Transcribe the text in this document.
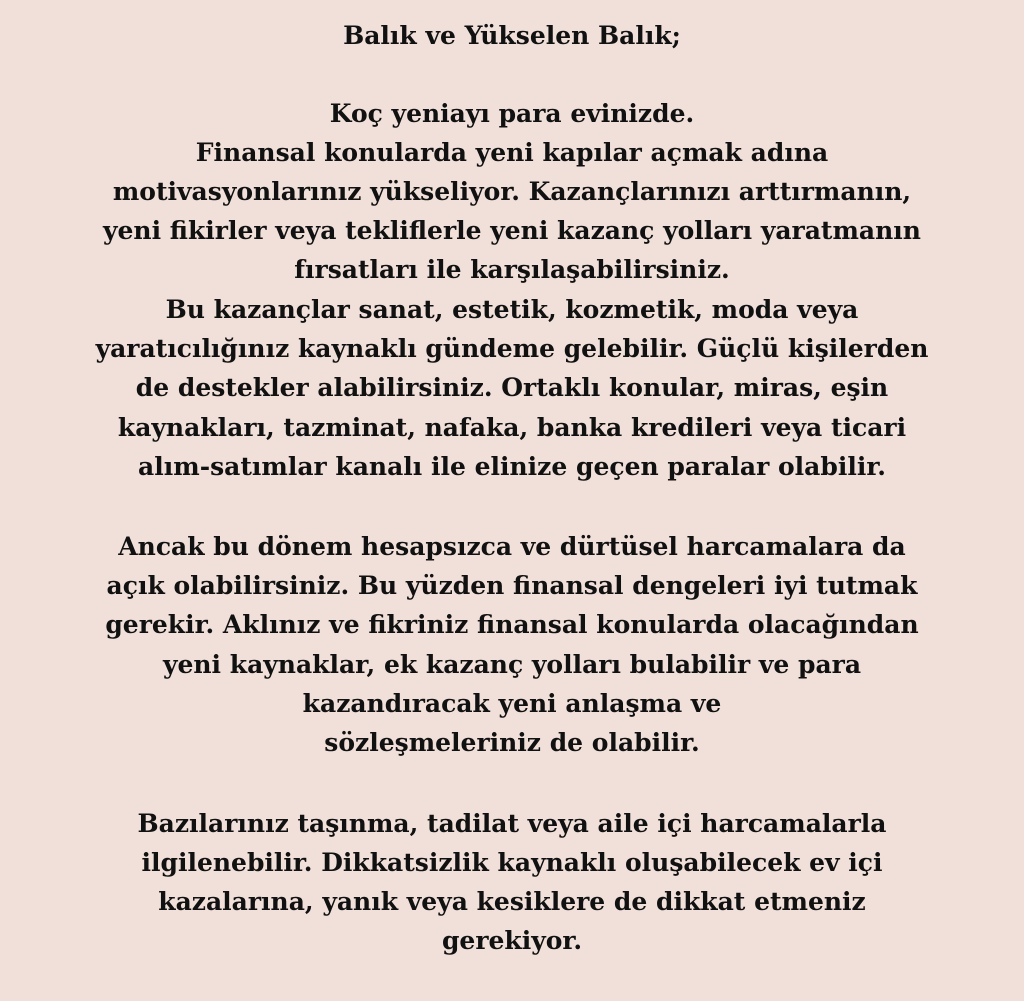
Balık ve Yükselen Balık;
Koç yeniayı para evinizde.
Finansal konularda yeni kapılar açmak adına
motivasyonlarınız yükseliyor. Kazançlarınızı arttırmanın,
yeni fikirler veya tekliflerle yeni kazanç yolları yaratmanın
fırsatları ile karşılaşabilirsiniz.
Bu kazançlar sanat, estetik, kozmetik, moda veya
yaratıcılığınız kaynaklı gündeme gelebilir. Güçlü kişilerden
de destekler alabilirsiniz. Ortaklı konular, miras, eşin
kaynakları, tazminat, nafaka, banka kredileri veya ticari
alım-satımlar kanalı ile elinize geçen paralar olabilir.
Ancak bu dönem hesapsızca ve dürtüsel harcamalara da
açık olabilirsiniz. Bu yüzden finansal dengeleri iyi tutmak
gerekir. Aklınız ve fikriniz finansal konularda olacağından
yeni kaynaklar, ek kazanç yolları bulabilir ve para
kazandıracak yeni anlaşma ve
sözleşmeleriniz de olabilir.
Bazılarınız taşınma, tadilat veya aile içi harcamalarla
ilgilenebilir. Dikkatsizlik kaynaklı oluşabilecek ev içi
kazalarına, yanık veya kesiklere de dikkat etmeniz
gerekiyor.
